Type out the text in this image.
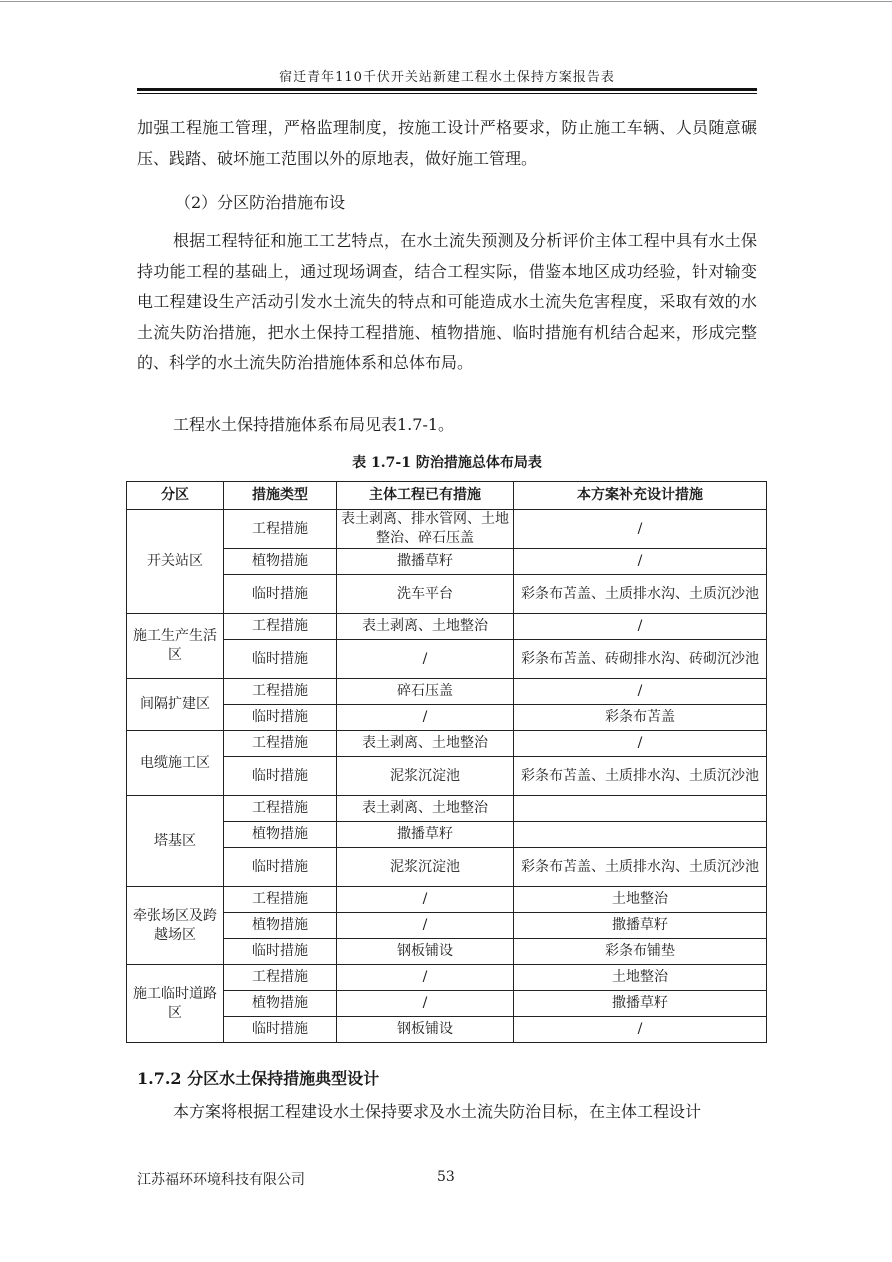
宿迁青年110千伏开关站新建工程水土保持方案报告表

加强工程施工管理，严格监理制度，按施工设计严格要求，防止施工车辆、人员随意碾压、践踏、破坏施工范围以外的原地表，做好施工管理。

（2）分区防治措施布设

根据工程特征和施工工艺特点，在水土流失预测及分析评价主体工程中具有水土保持功能工程的基础上，通过现场调查，结合工程实际，借鉴本地区成功经验，针对输变电工程建设生产活动引发水土流失的特点和可能造成水土流失危害程度，采取有效的水土流失防治措施，把水土保持工程措施、植物措施、临时措施有机结合起来，形成完整的、科学的水土流失防治措施体系和总体布局。

工程水土保持措施体系布局见表1.7-1。

表 1.7-1 防治措施总体布局表
分区	措施类型	主体工程已有措施	本方案补充设计措施
开关站区	工程措施	表土剥离、排水管网、土地整治、碎石压盖	/
	植物措施	撒播草籽	/
	临时措施	洗车平台	彩条布苫盖、土质排水沟、土质沉沙池
施工生产生活区	工程措施	表土剥离、土地整治	/
	临时措施	/	彩条布苫盖、砖砌排水沟、砖砌沉沙池
间隔扩建区	工程措施	碎石压盖	/
	临时措施	/	彩条布苫盖
电缆施工区	工程措施	表土剥离、土地整治	/
	临时措施	泥浆沉淀池	彩条布苫盖、土质排水沟、土质沉沙池
塔基区	工程措施	表土剥离、土地整治	
	植物措施	撒播草籽	
	临时措施	泥浆沉淀池	彩条布苫盖、土质排水沟、土质沉沙池
牵张场区及跨越场区	工程措施	/	土地整治
	植物措施	/	撒播草籽
	临时措施	钢板铺设	彩条布铺垫
施工临时道路区	工程措施	/	土地整治
	植物措施	/	撒播草籽
	临时措施	钢板铺设	/
1.7.2 分区水土保持措施典型设计

本方案将根据工程建设水土保持要求及水土流失防治目标，在主体工程设计

江苏福环环境科技有限公司	53
